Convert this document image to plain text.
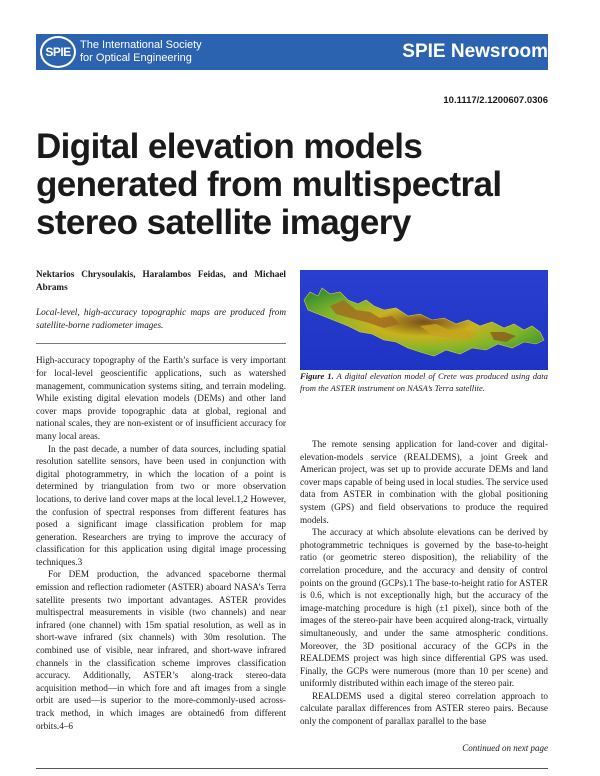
SPIE The International Society
for Optical Engineering	SPIE Newsroom
10.1117/2.1200607.0306
Digital elevation models generated from multispectral stereo satellite imagery
Nektarios Chrysoulakis, Haralambos Feidas, and Michael Abrams
Local-level, high-accuracy topographic maps are produced from satellite-borne radiometer images.

High-accuracy topography of the Earth’s surface is very important for local-level geoscientific applications, such as watershed management, communication systems siting, and terrain modeling. While existing digital elevation models (DEMs) and other land cover maps provide topographic data at global, regional and national scales, they are non-existent or of insufficient accuracy for many local areas.

In the past decade, a number of data sources, including spatial resolution satellite sensors, have been used in conjunction with digital photogrammetry, in which the location of a point is determined by triangulation from two or more observation locations, to derive land cover maps at the local level.1,2 However, the confusion of spectral responses from different features has posed a significant image classification problem for map generation. Researchers are trying to improve the accuracy of classification for this application using digital image processing techniques.3

For DEM production, the advanced spaceborne thermal emission and reflection radiometer (ASTER) aboard NASA’s Terra satellite presents two important advantages. ASTER provides multispectral measurements in visible (two channels) and near infrared (one channel) with 15m spatial resolution, as well as in short-wave infrared (six channels) with 30m resolution. The combined use of visible, near infrared, and short-wave infrared channels in the classification scheme improves classification accuracy. Additionally, ASTER’s along-track stereo-data acquisition method—in which fore and aft images from a single orbit are used—is superior to the more-commonly-used across-track method, in which images are obtained6 from different orbits.4–6

Figure 1. A digital elevation model of Crete was produced using data from the ASTER instrument on NASA’s Terra satellite.

The remote sensing application for land-cover and digital-elevation-models service (REALDEMS), a joint Greek and American project, was set up to provide accurate DEMs and land cover maps capable of being used in local studies. The service used data from ASTER in combination with the global positioning system (GPS) and field observations to produce the required models.

The accuracy at which absolute elevations can be derived by photogrammetric techniques is governed by the base-to-height ratio (or geometric stereo disposition), the reliability of the correlation procedure, and the accuracy and density of control points on the ground (GCPs).1 The base-to-height ratio for ASTER is 0.6, which is not exceptionally high, but the accuracy of the image-matching procedure is high (±1 pixel), since both of the images of the stereo-pair have been acquired along-track, virtually simultaneously, and under the same atmospheric conditions. Moreover, the 3D positional accuracy of the GCPs in the REALDEMS project was high since differential GPS was used. Finally, the GCPs were numerous (more than 10 per scene) and uniformly distributed within each image of the stereo pair.

REALDEMS used a digital stereo correlation approach to calculate parallax differences from ASTER stereo pairs. Because only the component of parallax parallel to the base

Continued on next page
